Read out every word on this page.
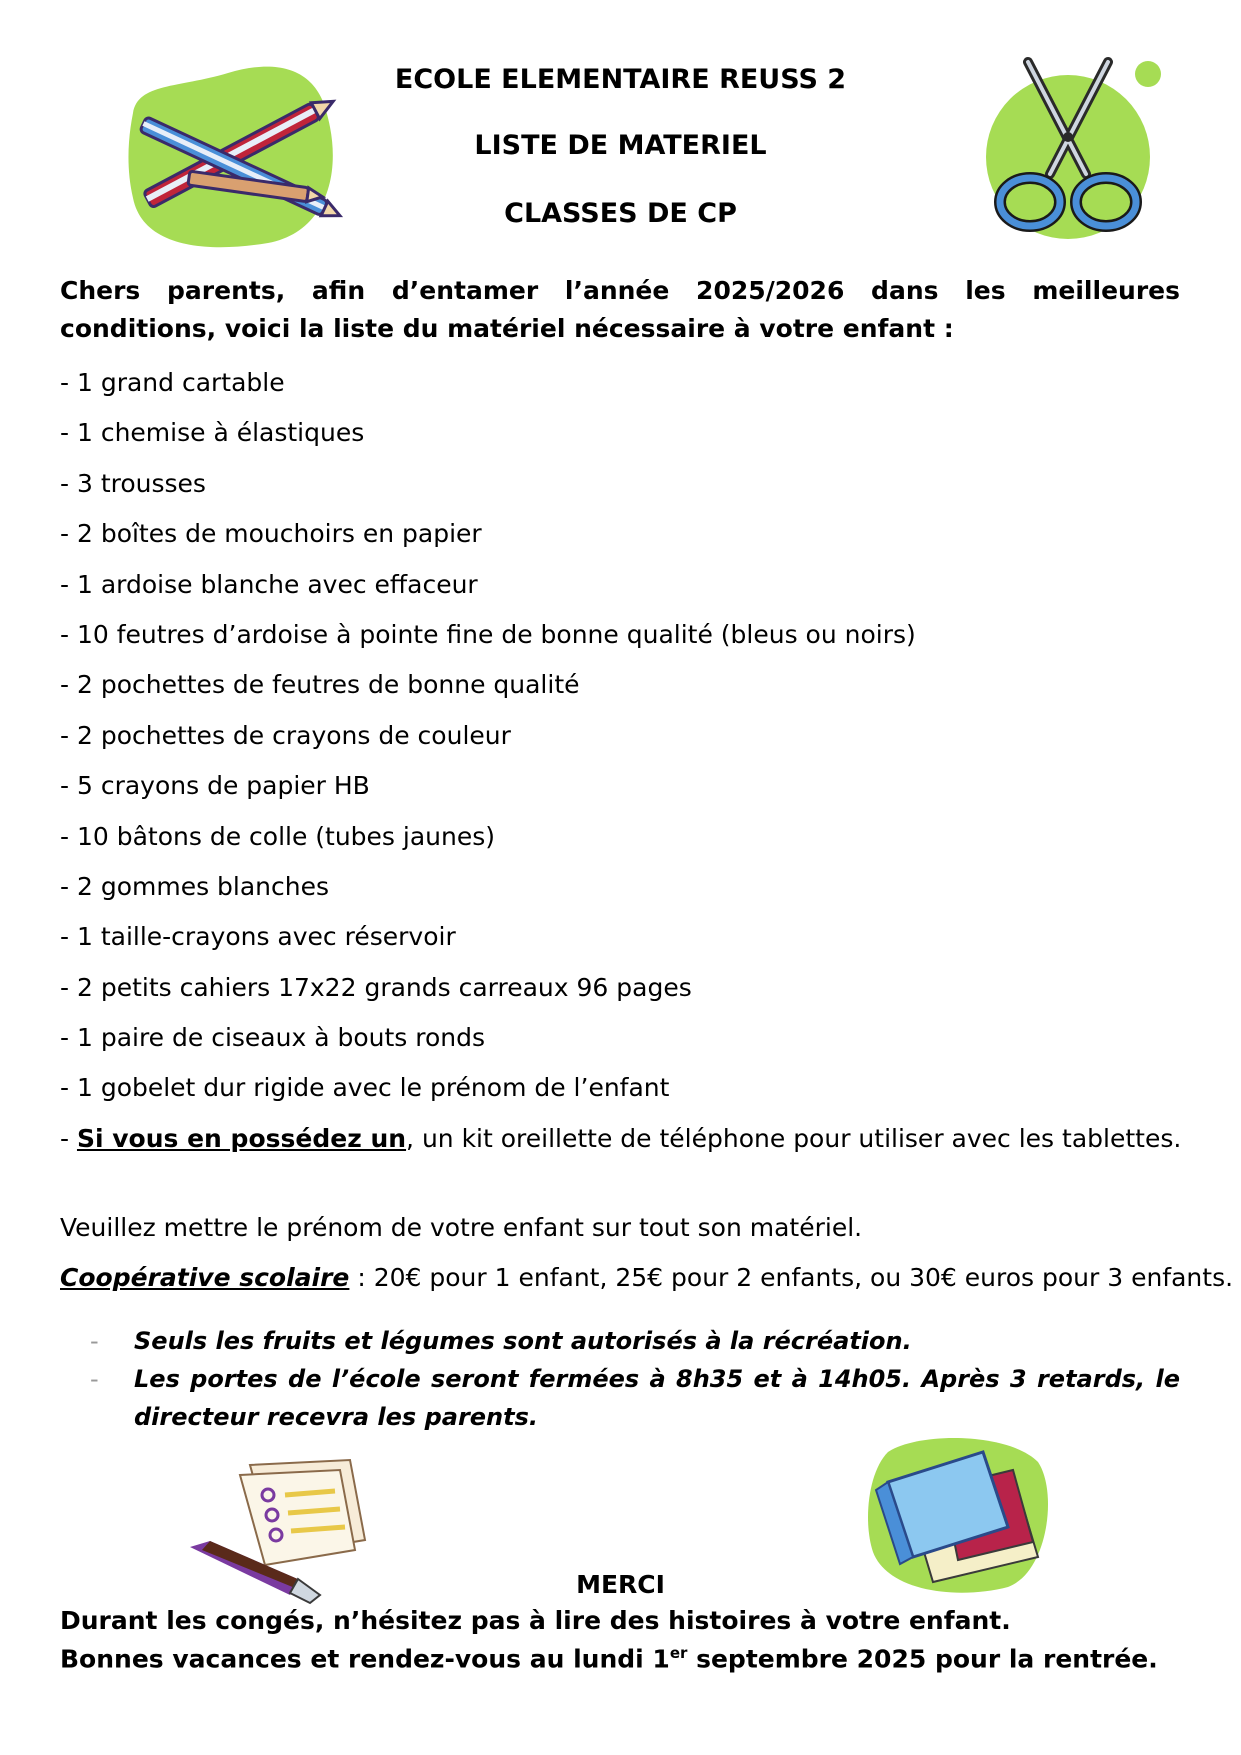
ECOLE ELEMENTAIRE REUSS 2
LISTE DE MATERIEL
CLASSES DE CP
Chers parents, afin d’entamer l’année 2025/2026 dans les meilleures conditions, voici la liste du matériel nécessaire à votre enfant :
- 1 grand cartable
- 1 chemise à élastiques
- 3 trousses
- 2 boîtes de mouchoirs en papier
- 1 ardoise blanche avec effaceur
- 10 feutres d’ardoise à pointe fine de bonne qualité (bleus ou noirs)
- 2 pochettes de feutres de bonne qualité
- 2 pochettes de crayons de couleur
- 5 crayons de papier HB
- 10 bâtons de colle (tubes jaunes)
- 2 gommes blanches
- 1 taille-crayons avec réservoir
- 2 petits cahiers 17x22 grands carreaux 96 pages
- 1 paire de ciseaux à bouts ronds
- 1 gobelet dur rigide avec le prénom de l’enfant
- Si vous en possédez un, un kit oreillette de téléphone pour utiliser avec les tablettes.
Veuillez mettre le prénom de votre enfant sur tout son matériel.
Coopérative scolaire : 20€ pour 1 enfant, 25€ pour 2 enfants, ou 30€ euros pour 3 enfants.
- Seuls les fruits et légumes sont autorisés à la récréation.
- Les portes de l’école seront fermées à 8h35 et à 14h05. Après 3 retards, le directeur recevra les parents.
MERCI
Durant les congés, n’hésitez pas à lire des histoires à votre enfant.
Bonnes vacances et rendez-vous au lundi 1er septembre 2025 pour la rentrée.
